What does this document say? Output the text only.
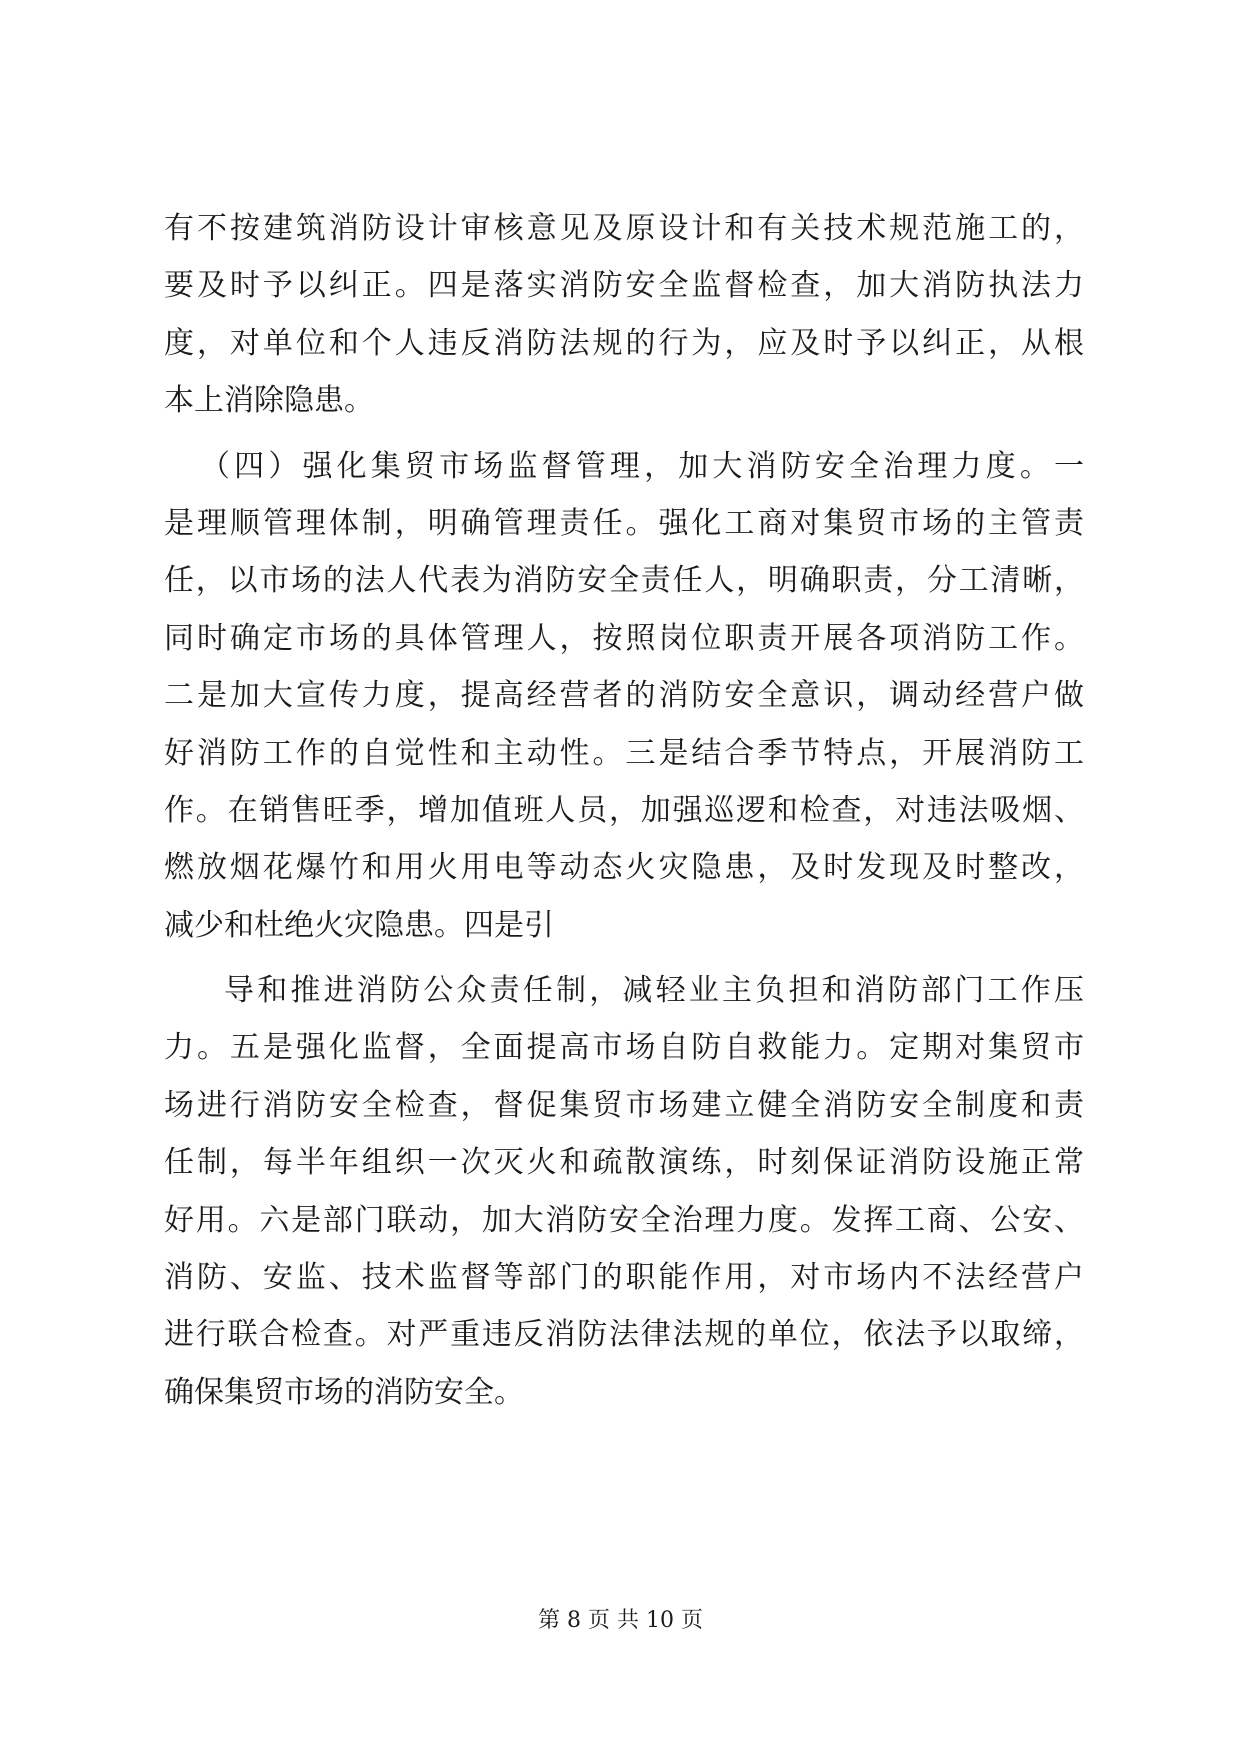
有不按建筑消防设计审核意见及原设计和有关技术规范施工的，
要及时予以纠正。四是落实消防安全监督检查，加大消防执法力
度，对单位和个人违反消防法规的行为，应及时予以纠正，从根
本上消除隐患。
（四）强化集贸市场监督管理，加大消防安全治理力度。一
是理顺管理体制，明确管理责任。强化工商对集贸市场的主管责
任，以市场的法人代表为消防安全责任人，明确职责，分工清晰，
同时确定市场的具体管理人，按照岗位职责开展各项消防工作。
二是加大宣传力度，提高经营者的消防安全意识，调动经营户做
好消防工作的自觉性和主动性。三是结合季节特点，开展消防工
作。在销售旺季，增加值班人员，加强巡逻和检查，对违法吸烟、
燃放烟花爆竹和用火用电等动态火灾隐患，及时发现及时整改，
减少和杜绝火灾隐患。四是引
导和推进消防公众责任制，减轻业主负担和消防部门工作压
力。五是强化监督，全面提高市场自防自救能力。定期对集贸市
场进行消防安全检查，督促集贸市场建立健全消防安全制度和责
任制，每半年组织一次灭火和疏散演练，时刻保证消防设施正常
好用。六是部门联动，加大消防安全治理力度。发挥工商、公安、
消防、安监、技术监督等部门的职能作用，对市场内不法经营户
进行联合检查。对严重违反消防法律法规的单位，依法予以取缔，
确保集贸市场的消防安全。
第 8 页 共 10 页
